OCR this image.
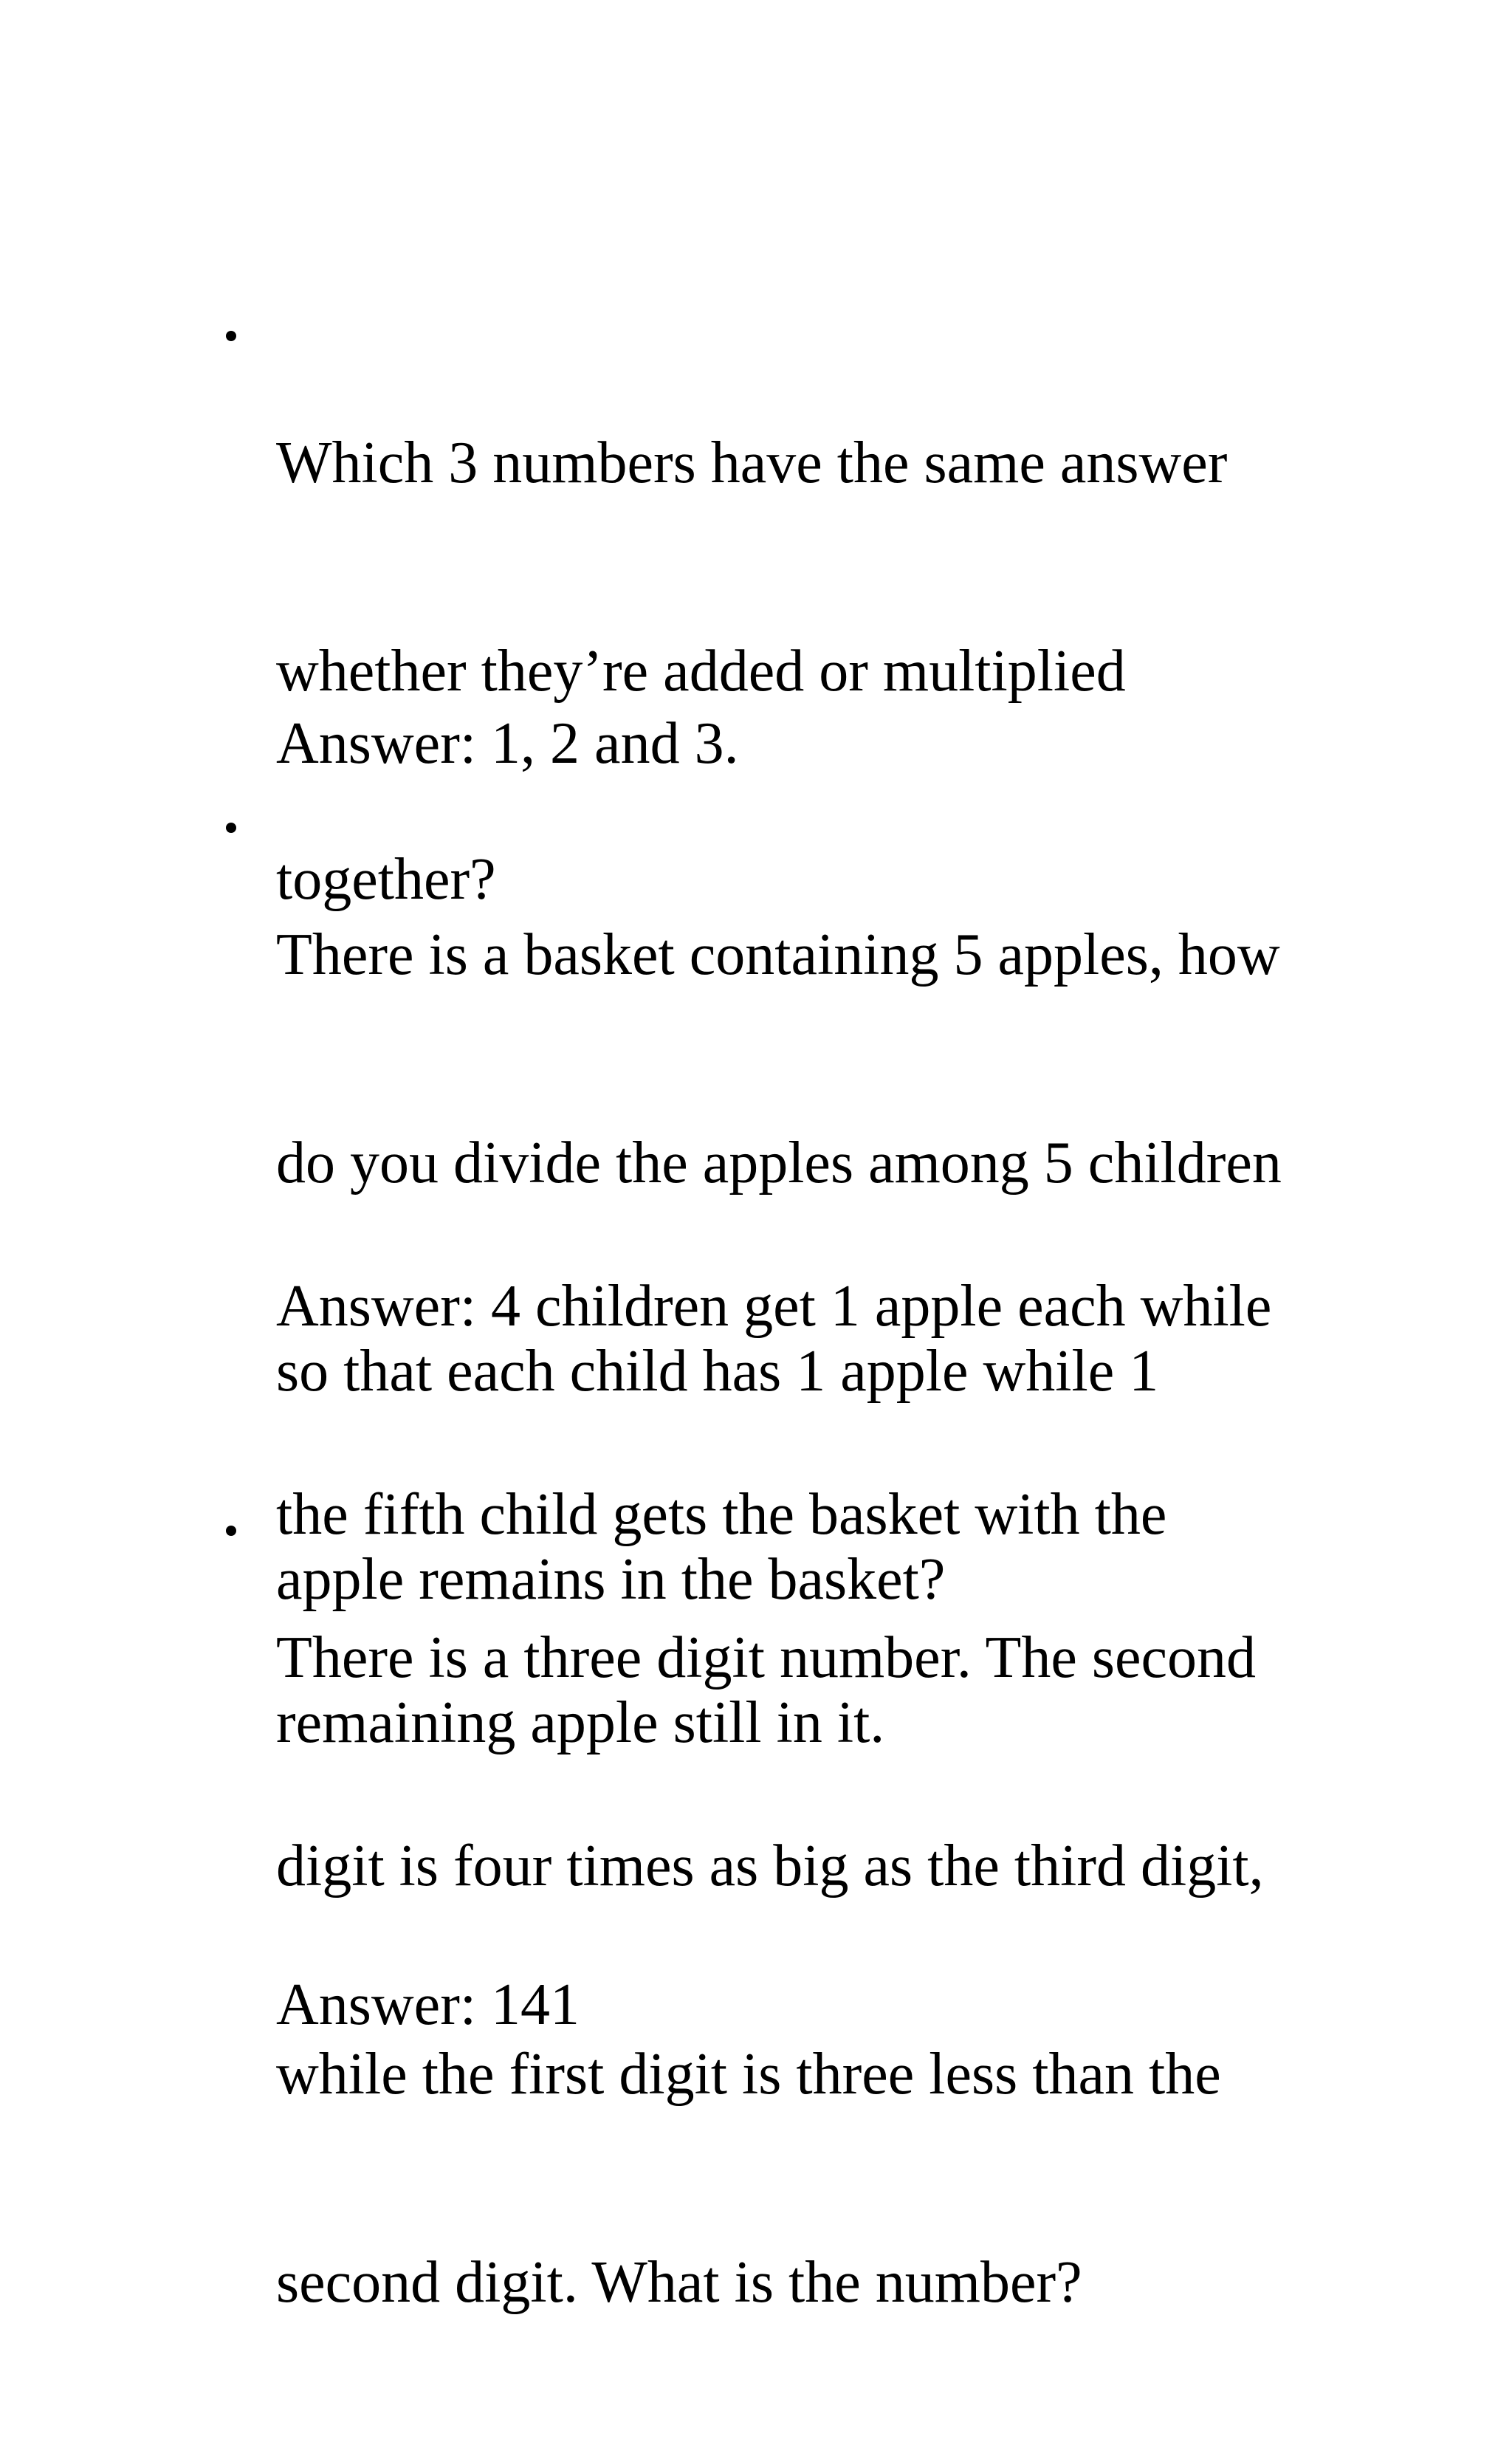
Which 3 numbers have the same answer

whether they’re added or multiplied

together?

Answer: 1, 2 and 3.

There is a basket containing 5 apples, how

do you divide the apples among 5 children

so that each child has 1 apple while 1

apple remains in the basket?

Answer: 4 children get 1 apple each while

the fifth child gets the basket with the

remaining apple still in it.

There is a three digit number. The second

digit is four times as big as the third digit,

while the first digit is three less than the

second digit. What is the number?

Answer: 141
